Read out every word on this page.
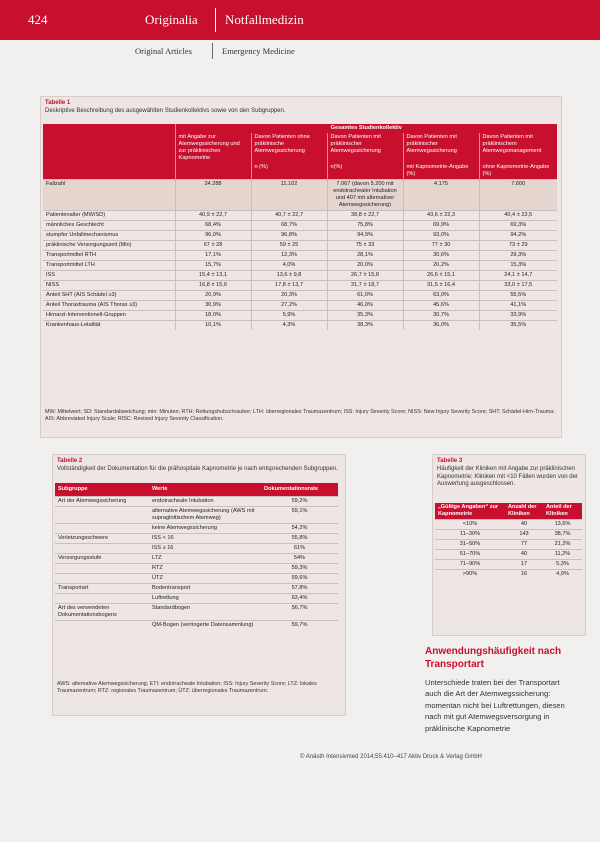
424	Originalia Notfallmedizin
Original Articles	Emergency Medicine
Tabelle 1
Deskriptive Beschreibung des ausgewählten Studienkollektivs sowie von den Subgruppen.
	Gesamtes Studienkollektiv				
	mit Angabe zur Atemwegssicherung und zur präklinischen Kapnometrie	Davon Patienten ohne präklinische Atemwegssicherung	Davon Patienten mit präklinischer Atemwegssicherung	Davon Patienten mit präklinischer Atemwegssicherung	Davon Patienten mit präklinischem Atemwegsmanagement
		n (%)	n(%)	mit Kapnometrie-Angabe (%)	ohne Kapnometrie-Angabe (%)
Fallzahl	24.288	11.102	7.067 (davon 5.200 mit endotrachealer Intubation und 407 mit alternativer Atemwegssicherung)	4.175	7.600
Patientenalter (MW/SD)	40,9 ± 22,7	40,7 ± 22,7	38,8 ± 22,7	43,6 ± 22,3	40,4 ± 22,5
männliches Geschlecht	68,4%	68,7%	75,8%	69,9%	69,3%
stumpfer Unfallmechanismus	96,0%	96,8%	94,9%	93,0%	94,2%
präklinische Versorgungszeit (Min)	67 ± 28	59 ± 25	75 ± 33	77 ± 30	73 ± 29
Transportmittel RTH	17,1%	12,3%	28,1%	30,6%	29,3%
Transportmittel LTH	15,7%	4,0%	20,0%	20,2%	15,3%
ISS	15,4 ± 13,1	13,6 ± 9,8	26,7 ± 15,8	26,6 ± 15,1	24,1 ± 14,7
NISS	16,8 ± 15,6	17,8 ± 13,7	31,7 ± 18,7	31,5 ± 16,4	33,0 ± 17,5
Anteil SHT (AIS Schädel ≥3)	20,9%	20,3%	61,0%	63,0%	55,5%
Anteil Thoraxtrauma (AIS Thorax ≥3)	30,9%	27,2%	46,0%	45,6%	41,1%
Hirnarzt-Interventionell-Gruppen	18,0%	5,9%	35,3%	30,7%	33,9%
Krankenhaus-Letalität	10,1%	4,3%	38,3%	36,0%	35,5%
MW: Mittelwert; SD: Standardabweichung; min: Minuten; RTH: Rettungshubschrauber; LTH: überregionales Traumazentrum; ISS: Injury Severity Score; NISS: New Injury Severity Score; SHT: Schädel-Hirn-Trauma; AIS: Abbreviated Injury Scale; RISC: Revised Injury Severity Classification.
Tabelle 2
Vollständigkeit der Dokumentation für die prähospitale Kapnometrie je nach entsprechenden Subgruppen.
Subgruppe	Werte	Dokumentationsrate
Art der Atemwegssicherung	endotracheale Intubation	59,2%
	alternative Atemwegssicherung (AWS mit supraglottischem Atemweg)	59,1%
	keine Atemwegssicherung	54,2%
Verletzungsschwere	ISS < 16	55,8%
	ISS ≥ 16	61%
Versorgungsstufe	LTZ	54%
	RTZ	59,3%
	ÜTZ	59,6%
Transportart	Bodentransport	57,8%
	Luftrettung	63,4%
Art des verwendeten Dokumentationsbogens	Standardbogen	56,7%
	QM-Bogen (verringerte Datensammlung)	59,7%
AWS: alternative Atemwegssicherung; ETI: endotracheale Intubation; ISS: Injury Severity Score; LTZ: lokales Traumazentrum; RTZ: regionales Traumazentrum; ÜTZ: überregionales Traumazentrum.
Tabelle 3
Häufigkeit der Kliniken mit Angabe zur präklinischen Kapnometrie; Kliniken mit <10 Fällen wurden von der Auswertung ausgeschlossen.
„Gültige Angaben“ zur Kapnometrie	Anzahl der Kliniken	Anteil der Kliniken
<10%	40	13,6%
11–30%	143	38,7%
31–50%	77	21,2%
51–70%	40	11,2%
71–90%	17	5,3%
>90%	16	4,9%
Anwendungshäufigkeit nach Transportart
Unterschiede traten bei der Transportart auch die Art der Atemwegssicherung: momentan nicht bei Luftrettungen, diesen nach mit gut Atemwegsversorgung in präklinische Kapnometrie
© Anästh Intensivmed 2014;55:410–417 Aktiv Druck & Verlag GmbH
